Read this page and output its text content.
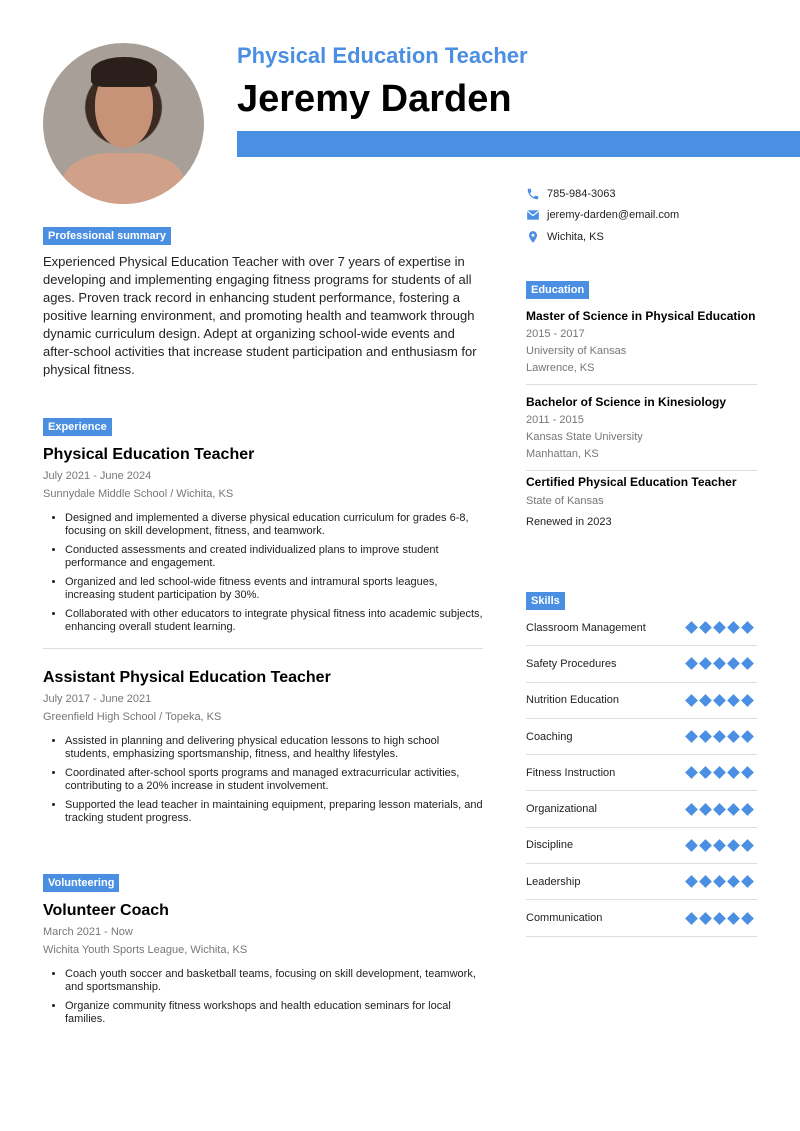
Physical Education Teacher
Jeremy Darden
Professional summary

Experienced Physical Education Teacher with over 7 years of expertise in developing and implementing engaging fitness programs for students of all ages. Proven track record in enhancing student performance, fostering a positive learning environment, and promoting health and teamwork through dynamic curriculum design. Adept at organizing school-wide events and after-school activities that increase student participation and enthusiasm for physical fitness.

Experience
Physical Education Teacher
July 2021 - June 2024
Sunnydale Middle School / Wichita, KS
• Designed and implemented a diverse physical education curriculum for grades 6-8, focusing on skill development, fitness, and teamwork.
• Conducted assessments and created individualized plans to improve student performance and engagement.
• Organized and led school-wide fitness events and intramural sports leagues, increasing student participation by 30%.
• Collaborated with other educators to integrate physical fitness into academic subjects, enhancing overall student learning.
Assistant Physical Education Teacher
July 2017 - June 2021
Greenfield High School / Topeka, KS
• Assisted in planning and delivering physical education lessons to high school students, emphasizing sportsmanship, fitness, and healthy lifestyles.
• Coordinated after-school sports programs and managed extracurricular activities, contributing to a 20% increase in student involvement.
• Supported the lead teacher in maintaining equipment, preparing lesson materials, and tracking student progress.
Volunteering
Volunteer Coach
March 2021 - Now
Wichita Youth Sports League, Wichita, KS
• Coach youth soccer and basketball teams, focusing on skill development, teamwork, and sportsmanship.
• Organize community fitness workshops and health education seminars for local families.
785-984-3063
jeremy-darden@email.com
Wichita, KS
Education
Master of Science in Physical Education
2015 - 2017
University of Kansas
Lawrence, KS
Bachelor of Science in Kinesiology
2011 - 2015
Kansas State University
Manhattan, KS
Certified Physical Education Teacher
State of Kansas
Renewed in 2023
Skills
Classroom Management
Safety Procedures
Nutrition Education
Coaching
Fitness Instruction
Organizational
Discipline
Leadership
Communication
